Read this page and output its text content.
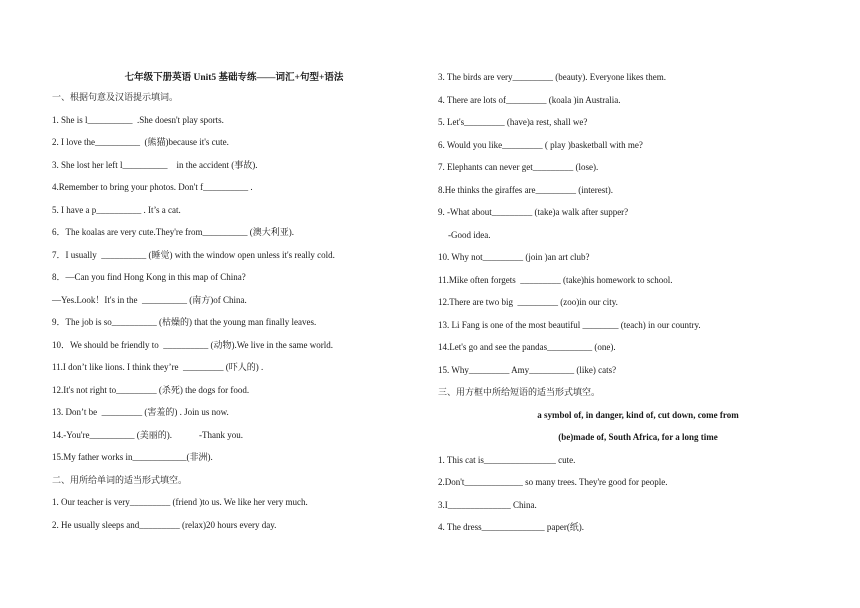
七年级下册英语 Unit5 基础专练——词汇+句型+语法
一、根据句意及汉语提示填词。
1. She is l__________  .She doesn't play sports.
2. I love the__________  (熊猫)because it's cute.
3. She lost her left l__________    in the accident (事故).
4.Remember to bring your photos. Don't f__________ .
5. I have a p__________ . It’s a cat.
6．The koalas are very cute.They're from__________ (澳大利亚).
7．I usually  __________ (睡觉) with the window open unless it's really cold.
8．—Can you find Hong Kong in this map of China?
—Yes.Look！It's in the  __________ (南方)of China.
9．The job is so__________ (枯燥的) that the young man finally leaves.
10．We should be friendly to  __________ (动物).We live in the same world.
11.I don’t like lions. I think they’re  _________ (吓人的) .
12.It's not right to_________ (杀死) the dogs for food.
13. Don’t be  _________ (害羞的) . Join us now.
14.-You're__________ (美丽的).            -Thank you.
15.My father works in____________(非洲).
二、用所给单词的适当形式填空。
1. Our teacher is very_________ (friend )to us. We like her very much.
2. He usually sleeps and_________ (relax)20 hours every day.
3. The birds are very_________ (beauty). Everyone likes them.
4. There are lots of_________ (koala )in Australia.
5. Let's_________ (have)a rest, shall we?
6. Would you like_________ ( play )basketball with me?
7. Elephants can never get_________ (lose).
8.He thinks the giraffes are_________ (interest).
9. -What about_________ (take)a walk after supper?
-Good idea.
10. Why not_________ (join )an art club?
11.Mike often forgets  _________ (take)his homework to school.
12.There are two big  _________ (zoo)in our city.
13. Li Fang is one of the most beautiful ________ (teach) in our country.
14.Let's go and see the pandas__________ (one).
15. Why_________ Amy__________ (like) cats?
三、用方框中所给短语的适当形式填空。
a symbol of, in danger, kind of, cut down, come from
(be)made of, South Africa, for a long time
1. This cat is________________ cute.
2.Don't_____________ so many trees. They're good for people.
3.I______________ China.
4. The dress______________ paper(纸).
